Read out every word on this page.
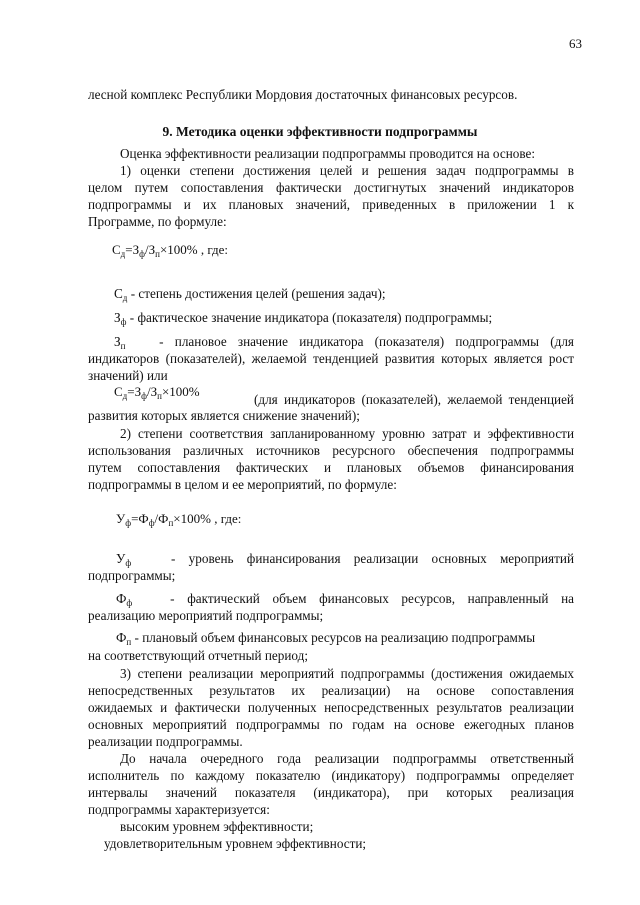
63
лесной комплекс Республики Мордовия достаточных финансовых ресурсов.
9. Методика оценки эффективности подпрограммы
Оценка эффективности реализации подпрограммы проводится на основе:
1) оценки степени достижения целей и решения задач подпрограммы в
целом путем сопоставления фактически достигнутых значений индикаторов
подпрограммы и их плановых значений, приведенных в приложении 1 к
Программе, по формуле:
$С_д=З_ф/З_п\times 100\%$ , где:
$С_д$ - степень достижения целей (решения задач);
$З_ф$ - фактическое значение индикатора (показателя) подпрограммы;
$З_п$	- плановое значение индикатора (показателя) подпрограммы (для
индикаторов (показателей), желаемой тенденцией развития которых является рост
значений) или
$С_д=З_ф/З_п\times 100\%$
(для индикаторов (показателей), желаемой тенденцией
развития которых является снижение значений);
2) степени соответствия запланированному уровню затрат и эффективности
использования различных источников ресурсного обеспечения подпрограммы
путем сопоставления фактических и плановых объемов финансирования
подпрограммы в целом и ее мероприятий, по формуле:
$У_ф=Ф_ф/Ф_п\times 100\%$ , где:
$У_ф$	- уровень финансирования реализации основных мероприятий
подпрограммы;
$Ф_ф$	- фактический объем финансовых ресурсов, направленный на
реализацию мероприятий подпрограммы;
$Ф_п$ - плановый объем финансовых ресурсов на реализацию подпрограммы
на соответствующий отчетный период;
3) степени реализации мероприятий подпрограммы (достижения ожидаемых
непосредственных результатов их реализации) на основе сопоставления
ожидаемых и фактически полученных непосредственных результатов реализации
основных мероприятий подпрограммы по годам на основе ежегодных планов
реализации подпрограммы.
До начала очередного года реализации подпрограммы ответственный
исполнитель по каждому показателю (индикатору) подпрограммы определяет
интервалы значений показателя (индикатора), при которых реализация
подпрограммы характеризуется:
высоким уровнем эффективности;
удовлетворительным уровнем эффективности;
